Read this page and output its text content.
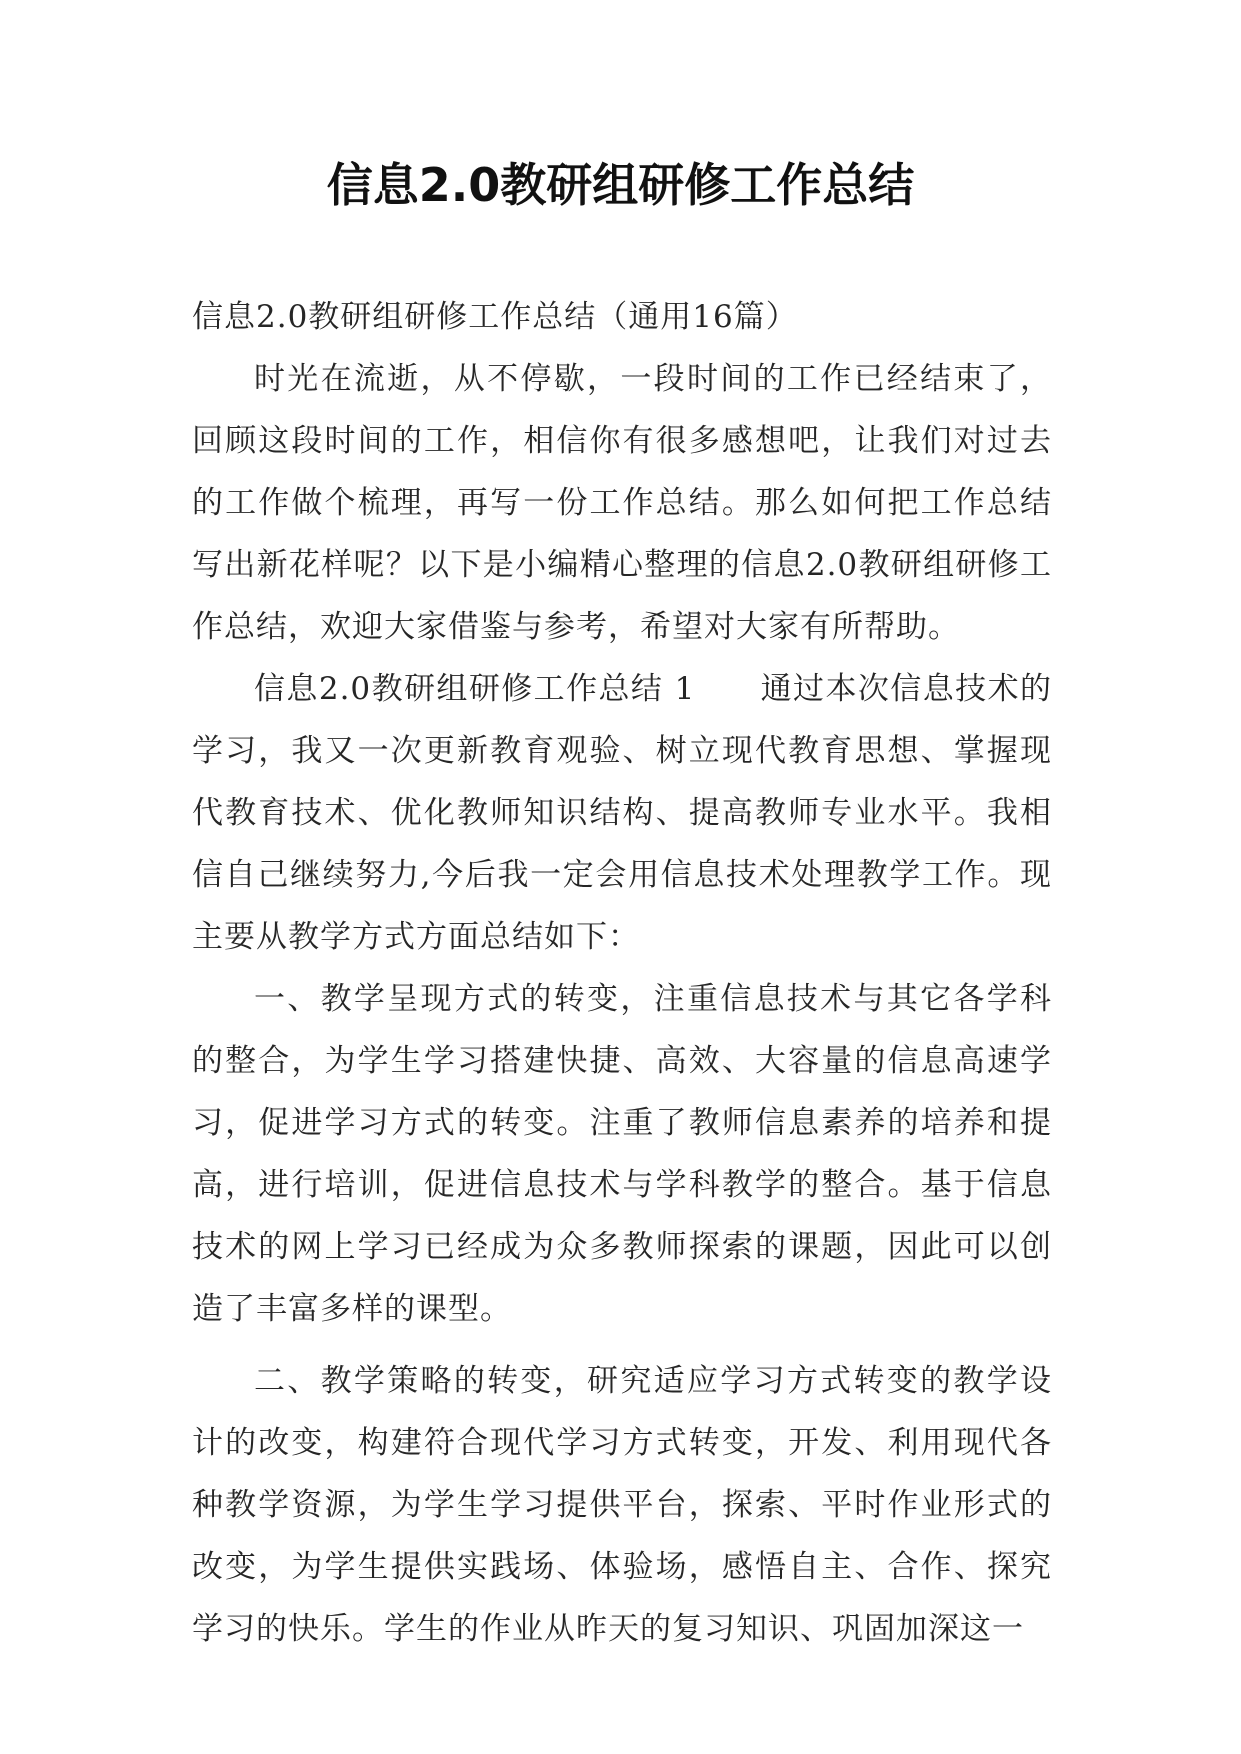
信息2.0教研组研修工作总结

信息2.0教研组研修工作总结（通用16篇）

时光在流逝，从不停歇，一段时间的工作已经结束了，回顾这段时间的工作，相信你有很多感想吧，让我们对过去的工作做个梳理，再写一份工作总结。那么如何把工作总结写出新花样呢？以下是小编精心整理的信息2.0教研组研修工作总结，欢迎大家借鉴与参考，希望对大家有所帮助。

信息2.0教研组研修工作总结 1　　 通过本次信息技术的学习，我又一次更新教育观验、树立现代教育思想、掌握现代教育技术、优化教师知识结构、提高教师专业水平。我相信自己继续努力,今后我一定会用信息技术处理教学工作。现主要从教学方式方面总结如下：

一、教学呈现方式的转变，注重信息技术与其它各学科的整合，为学生学习搭建快捷、高效、大容量的信息高速学习，促进学习方式的转变。注重了教师信息素养的培养和提高，进行培训，促进信息技术与学科教学的整合。基于信息技术的网上学习已经成为众多教师探索的课题，因此可以创造了丰富多样的课型。

二、教学策略的转变，研究适应学习方式转变的教学设计的改变，构建符合现代学习方式转变，开发、利用现代各种教学资源，为学生学习提供平台，探索、平时作业形式的改变，为学生提供实践场、体验场，感悟自主、合作、探究学习的快乐。学生的作业从昨天的复习知识、巩固加深这一
